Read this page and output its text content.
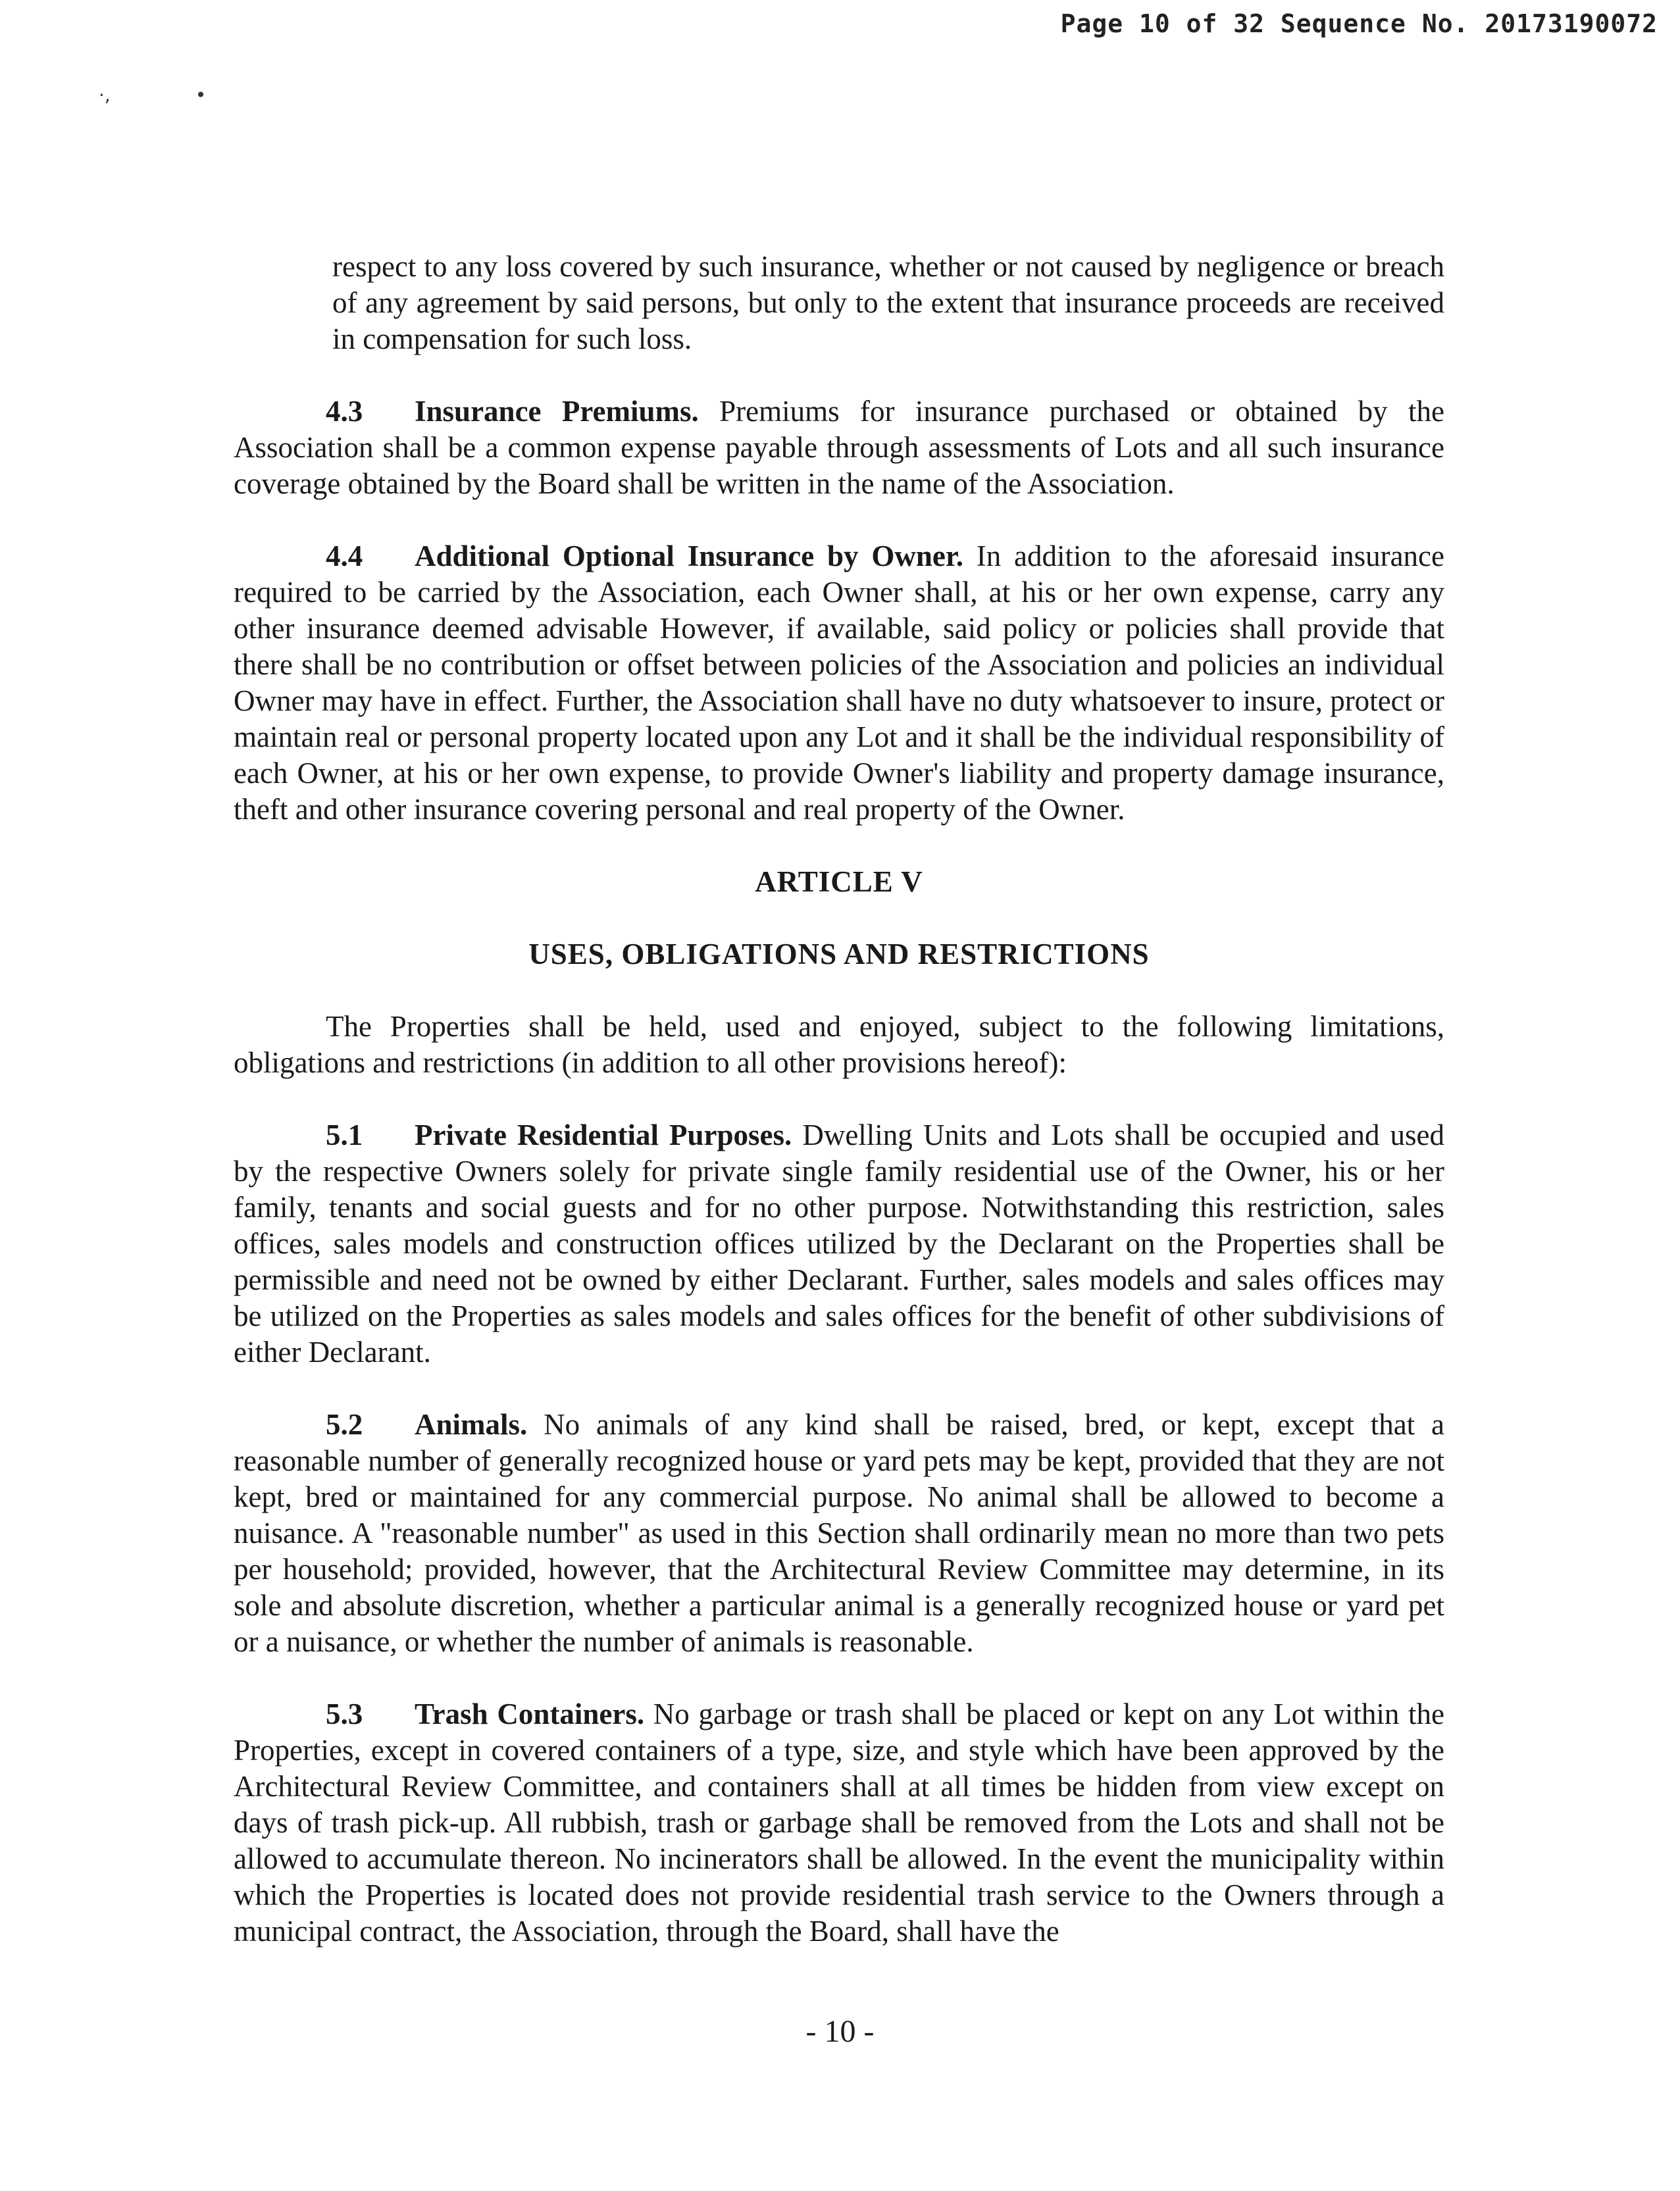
Page 10 of 32 Sequence No. 20173190072
·,	•

respect to any loss covered by such insurance, whether or not caused by negligence or breach of any agreement by said persons, but only to the extent that insurance proceeds are received in compensation for such loss.

4.3 Insurance Premiums. Premiums for insurance purchased or obtained by the Association shall be a common expense payable through assessments of Lots and all such insurance coverage obtained by the Board shall be written in the name of the Association.

4.4 Additional Optional Insurance by Owner. In addition to the aforesaid insurance required to be carried by the Association, each Owner shall, at his or her own expense, carry any other insurance deemed advisable However, if available, said policy or policies shall provide that there shall be no contribution or offset between policies of the Association and policies an individual Owner may have in effect. Further, the Association shall have no duty whatsoever to insure, protect or maintain real or personal property located upon any Lot and it shall be the individual responsibility of each Owner, at his or her own expense, to provide Owner's liability and property damage insurance, theft and other insurance covering personal and real property of the Owner.

ARTICLE V

USES, OBLIGATIONS AND RESTRICTIONS

The Properties shall be held, used and enjoyed, subject to the following limitations, obligations and restrictions (in addition to all other provisions hereof):

5.1 Private Residential Purposes. Dwelling Units and Lots shall be occupied and used by the respective Owners solely for private single family residential use of the Owner, his or her family, tenants and social guests and for no other purpose. Notwithstanding this restriction, sales offices, sales models and construction offices utilized by the Declarant on the Properties shall be permissible and need not be owned by either Declarant. Further, sales models and sales offices may be utilized on the Properties as sales models and sales offices for the benefit of other subdivisions of either Declarant.

5.2 Animals. No animals of any kind shall be raised, bred, or kept, except that a reasonable number of generally recognized house or yard pets may be kept, provided that they are not kept, bred or maintained for any commercial purpose. No animal shall be allowed to become a nuisance. A "reasonable number" as used in this Section shall ordinarily mean no more than two pets per household; provided, however, that the Architectural Review Committee may determine, in its sole and absolute discretion, whether a particular animal is a generally recognized house or yard pet or a nuisance, or whether the number of animals is reasonable.

5.3 Trash Containers. No garbage or trash shall be placed or kept on any Lot within the Properties, except in covered containers of a type, size, and style which have been approved by the Architectural Review Committee, and containers shall at all times be hidden from view except on days of trash pick-up. All rubbish, trash or garbage shall be removed from the Lots and shall not be allowed to accumulate thereon. No incinerators shall be allowed. In the event the municipality within which the Properties is located does not provide residential trash service to the Owners through a municipal contract, the Association, through the Board, shall have the

- 10 -
